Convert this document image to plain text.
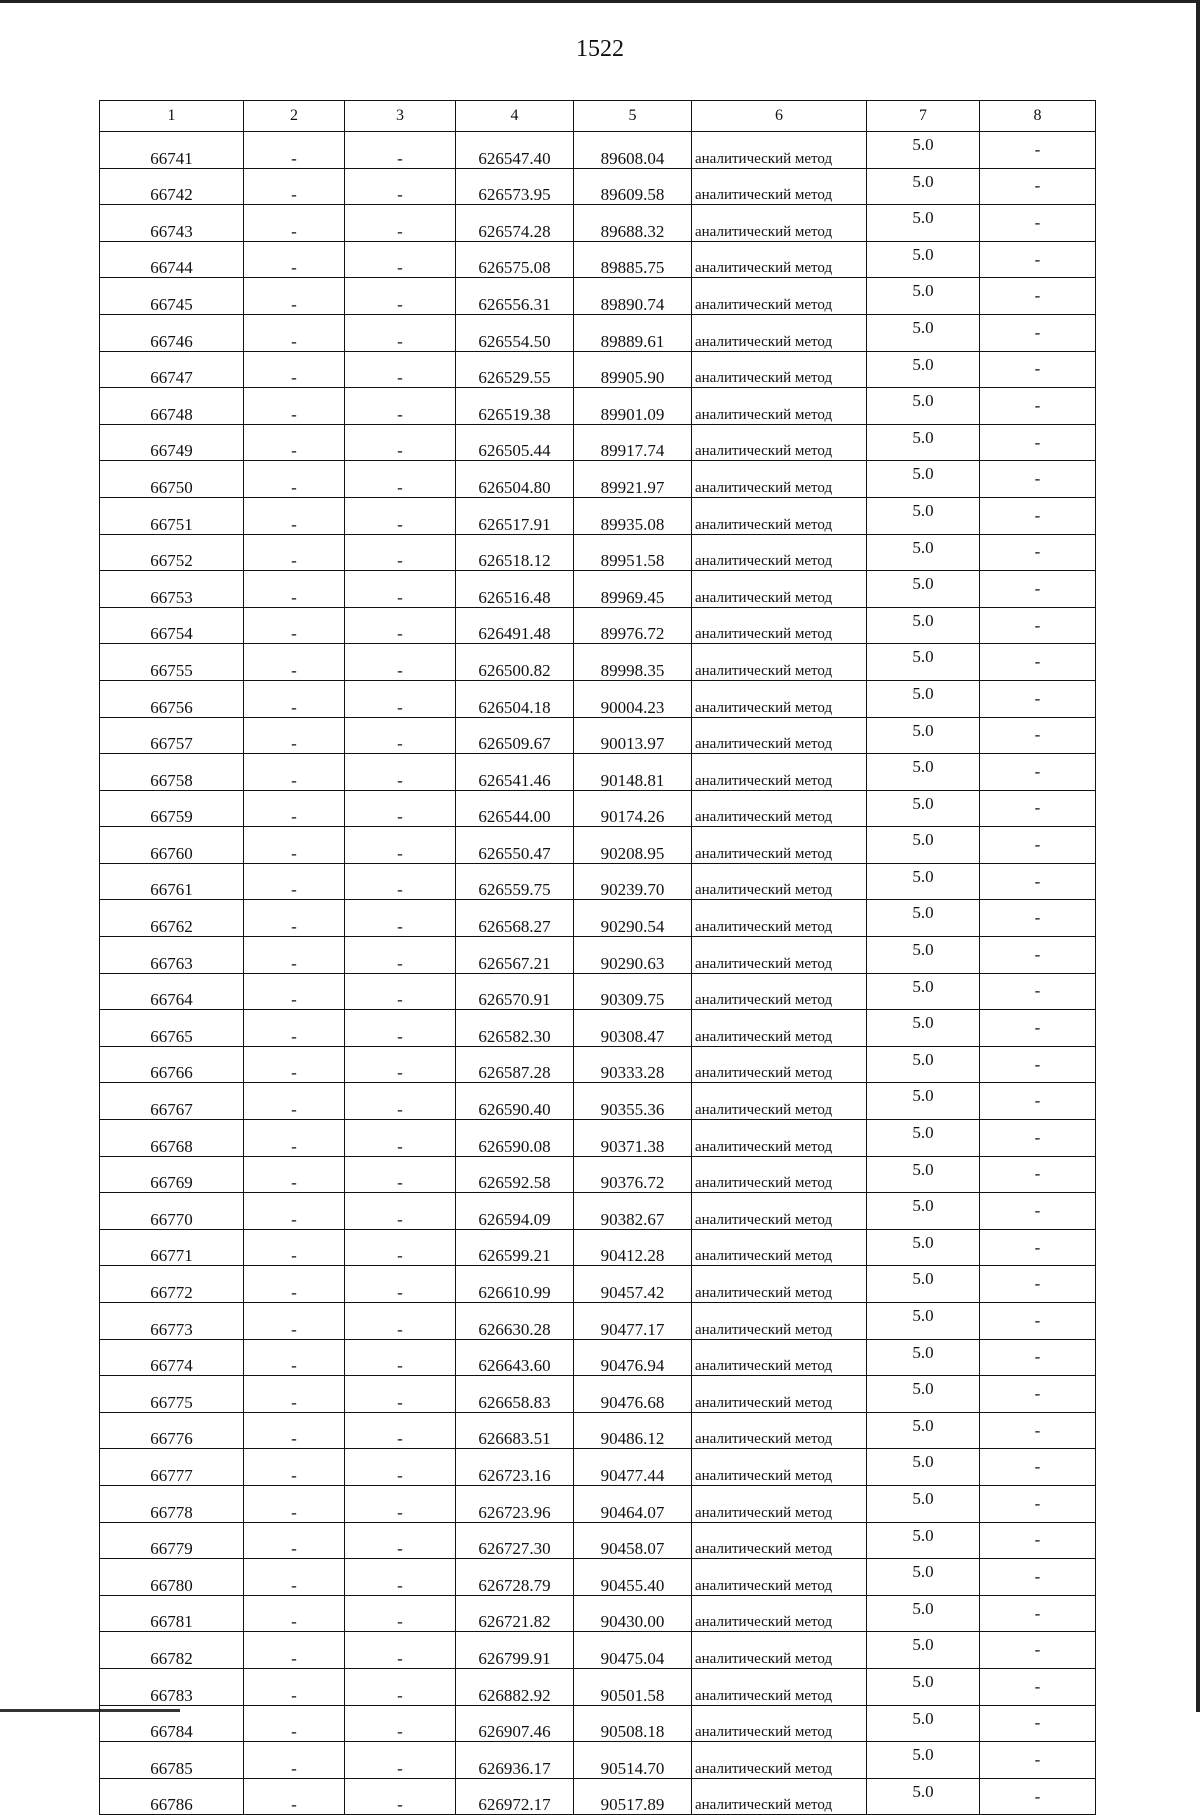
1522
1	2	3	4	5	6	7	8
66741	-	-	626547.40	89608.04	аналитический метод	5.0	-
66742	-	-	626573.95	89609.58	аналитический метод	5.0	-
66743	-	-	626574.28	89688.32	аналитический метод	5.0	-
66744	-	-	626575.08	89885.75	аналитический метод	5.0	-
66745	-	-	626556.31	89890.74	аналитический метод	5.0	-
66746	-	-	626554.50	89889.61	аналитический метод	5.0	-
66747	-	-	626529.55	89905.90	аналитический метод	5.0	-
66748	-	-	626519.38	89901.09	аналитический метод	5.0	-
66749	-	-	626505.44	89917.74	аналитический метод	5.0	-
66750	-	-	626504.80	89921.97	аналитический метод	5.0	-
66751	-	-	626517.91	89935.08	аналитический метод	5.0	-
66752	-	-	626518.12	89951.58	аналитический метод	5.0	-
66753	-	-	626516.48	89969.45	аналитический метод	5.0	-
66754	-	-	626491.48	89976.72	аналитический метод	5.0	-
66755	-	-	626500.82	89998.35	аналитический метод	5.0	-
66756	-	-	626504.18	90004.23	аналитический метод	5.0	-
66757	-	-	626509.67	90013.97	аналитический метод	5.0	-
66758	-	-	626541.46	90148.81	аналитический метод	5.0	-
66759	-	-	626544.00	90174.26	аналитический метод	5.0	-
66760	-	-	626550.47	90208.95	аналитический метод	5.0	-
66761	-	-	626559.75	90239.70	аналитический метод	5.0	-
66762	-	-	626568.27	90290.54	аналитический метод	5.0	-
66763	-	-	626567.21	90290.63	аналитический метод	5.0	-
66764	-	-	626570.91	90309.75	аналитический метод	5.0	-
66765	-	-	626582.30	90308.47	аналитический метод	5.0	-
66766	-	-	626587.28	90333.28	аналитический метод	5.0	-
66767	-	-	626590.40	90355.36	аналитический метод	5.0	-
66768	-	-	626590.08	90371.38	аналитический метод	5.0	-
66769	-	-	626592.58	90376.72	аналитический метод	5.0	-
66770	-	-	626594.09	90382.67	аналитический метод	5.0	-
66771	-	-	626599.21	90412.28	аналитический метод	5.0	-
66772	-	-	626610.99	90457.42	аналитический метод	5.0	-
66773	-	-	626630.28	90477.17	аналитический метод	5.0	-
66774	-	-	626643.60	90476.94	аналитический метод	5.0	-
66775	-	-	626658.83	90476.68	аналитический метод	5.0	-
66776	-	-	626683.51	90486.12	аналитический метод	5.0	-
66777	-	-	626723.16	90477.44	аналитический метод	5.0	-
66778	-	-	626723.96	90464.07	аналитический метод	5.0	-
66779	-	-	626727.30	90458.07	аналитический метод	5.0	-
66780	-	-	626728.79	90455.40	аналитический метод	5.0	-
66781	-	-	626721.82	90430.00	аналитический метод	5.0	-
66782	-	-	626799.91	90475.04	аналитический метод	5.0	-
66783	-	-	626882.92	90501.58	аналитический метод	5.0	-
66784	-	-	626907.46	90508.18	аналитический метод	5.0	-
66785	-	-	626936.17	90514.70	аналитический метод	5.0	-
66786	-	-	626972.17	90517.89	аналитический метод	5.0	-
